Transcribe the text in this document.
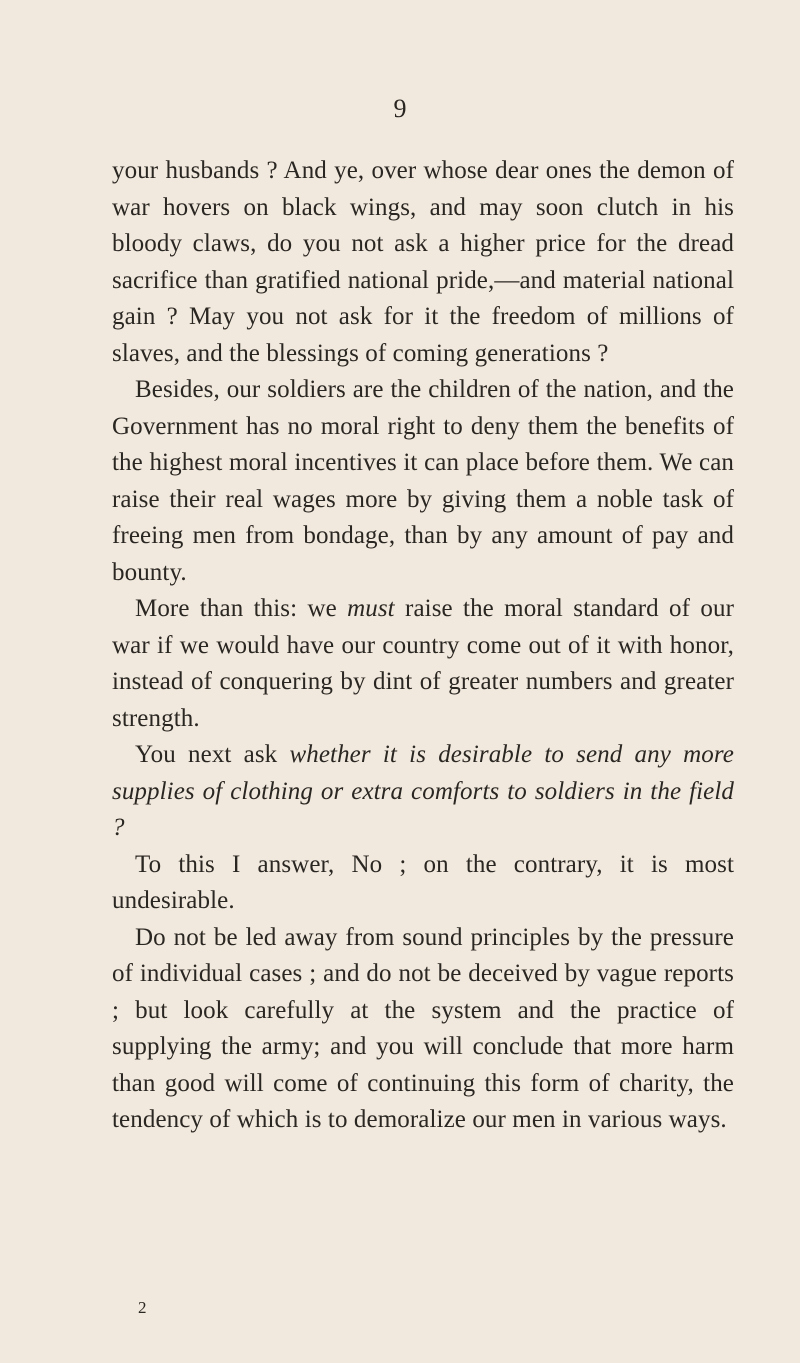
9

your husbands ? And ye, over whose dear ones the demon of war hovers on black wings, and may soon clutch in his bloody claws, do you not ask a higher price for the dread sacrifice than gratified national pride,—and material national gain ? May you not ask for it the freedom of millions of slaves, and the blessings of coming generations ?

Besides, our soldiers are the children of the nation, and the Government has no moral right to deny them the benefits of the highest moral incentives it can place before them. We can raise their real wages more by giving them a noble task of freeing men from bondage, than by any amount of pay and bounty.

More than this: we must raise the moral standard of our war if we would have our country come out of it with honor, instead of conquering by dint of greater numbers and greater strength.

You next ask whether it is desirable to send any more supplies of clothing or extra comforts to soldiers in the field ?

To this I answer, No ; on the contrary, it is most undesirable.

Do not be led away from sound principles by the pressure of individual cases ; and do not be deceived by vague reports ; but look carefully at the system and the practice of supplying the army; and you will conclude that more harm than good will come of continuing this form of charity, the tendency of which is to demoralize our men in various ways.

2
